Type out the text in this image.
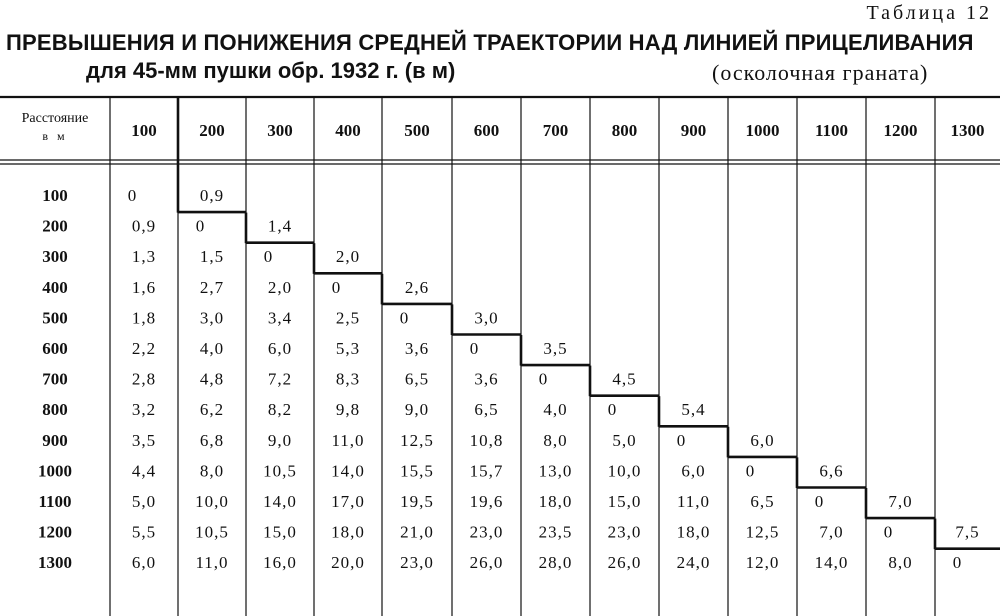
Таблица 12
ПРЕВЫШЕНИЯ И ПОНИЖЕНИЯ СРЕДНЕЙ ТРАЕКТОРИИ НАД ЛИНИЕЙ ПРИЦЕЛИВАНИЯ
для 45-мм пушки обр. 1932 г. (в м)	(осколочная граната)
Расстояние
в м	100	200	300	400	500	600	700	800	900 1000 1100 1200 1300
100	0	0,9
200	0,9 0	1,4
300	1,3	1,5 0	2,0
400	1,6	2,7	2,0 0	2,6
500	1,8	3,0	3,4	2,5 0	3,0
600	2,2	4,0	6,0	5,3	3,6 0	3,5
700	2,8	4,8	7,2	8,3	6,5	3,6 0	4,5
800	3,2	6,2	8,2	9,8	9,0	6,5	4,0 0	5,4
900	3,5	6,8	9,0 11,0 12,5 10,8 8,0	5,0 0	6,0
1000	4,4	8,0 10,5 14,0 15,5 15,7 13,0 10,0 6,0 0	6,6
1100	5,0 10,0 14,0 17,0 19,5 19,6 18,0 15,0 11,0 6,5 0	7,0
1200	5,5 10,5 15,0 18,0 21,0 23,0 23,5 23,0 18,0 12,5 7,0 0	7,5
1300	6,0 11,0 16,0 20,0 23,0 26,0 28,0 26,0 24,0 12,0 14,0 8,0 0
